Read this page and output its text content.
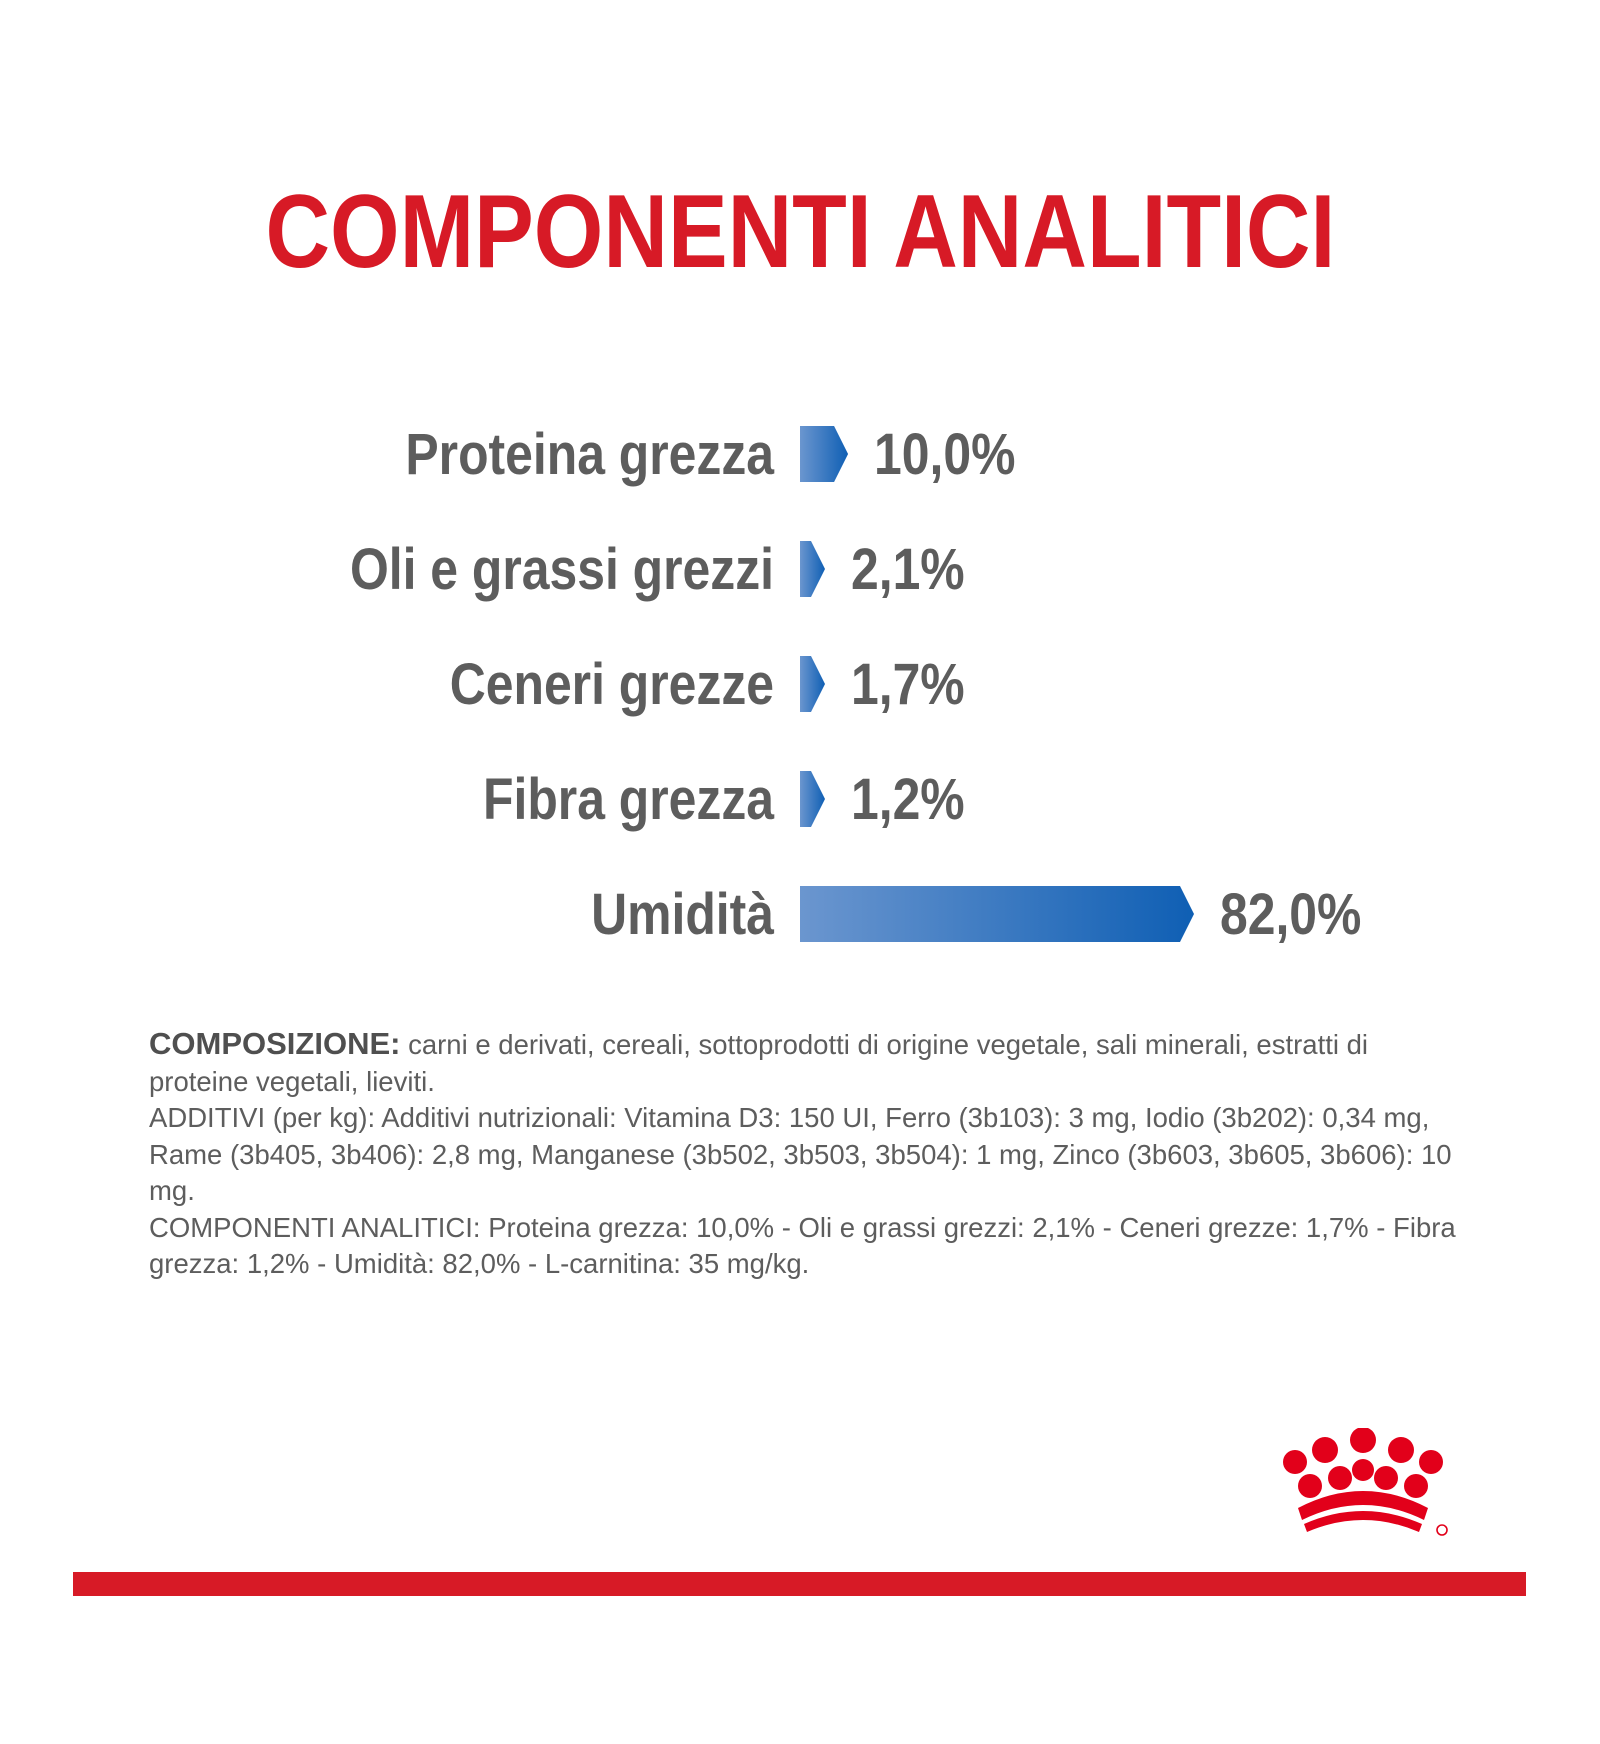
COMPONENTI ANALITICI
Proteina grezza 10,0%
Oli e grassi grezzi 2,1%
Ceneri grezze 1,7%
Fibra grezza 1,2%
Umidità	82,0%

COMPOSIZIONE: carni e derivati, cereali, sottoprodotti di origine vegetale, sali minerali, estratti di proteine vegetali, lieviti.

ADDITIVI (per kg): Additivi nutrizionali: Vitamina D3: 150 UI, Ferro (3b103): 3 mg, Iodio (3b202): 0,34 mg, Rame (3b405, 3b406): 2,8 mg, Manganese (3b502, 3b503, 3b504): 1 mg, Zinco (3b603, 3b605, 3b606): 10 mg.

COMPONENTI ANALITICI: Proteina grezza: 10,0% - Oli e grassi grezzi: 2,1% - Ceneri grezze: 1,7% - Fibra grezza: 1,2% - Umidità: 82,0% - L-carnitina: 35 mg/kg.
